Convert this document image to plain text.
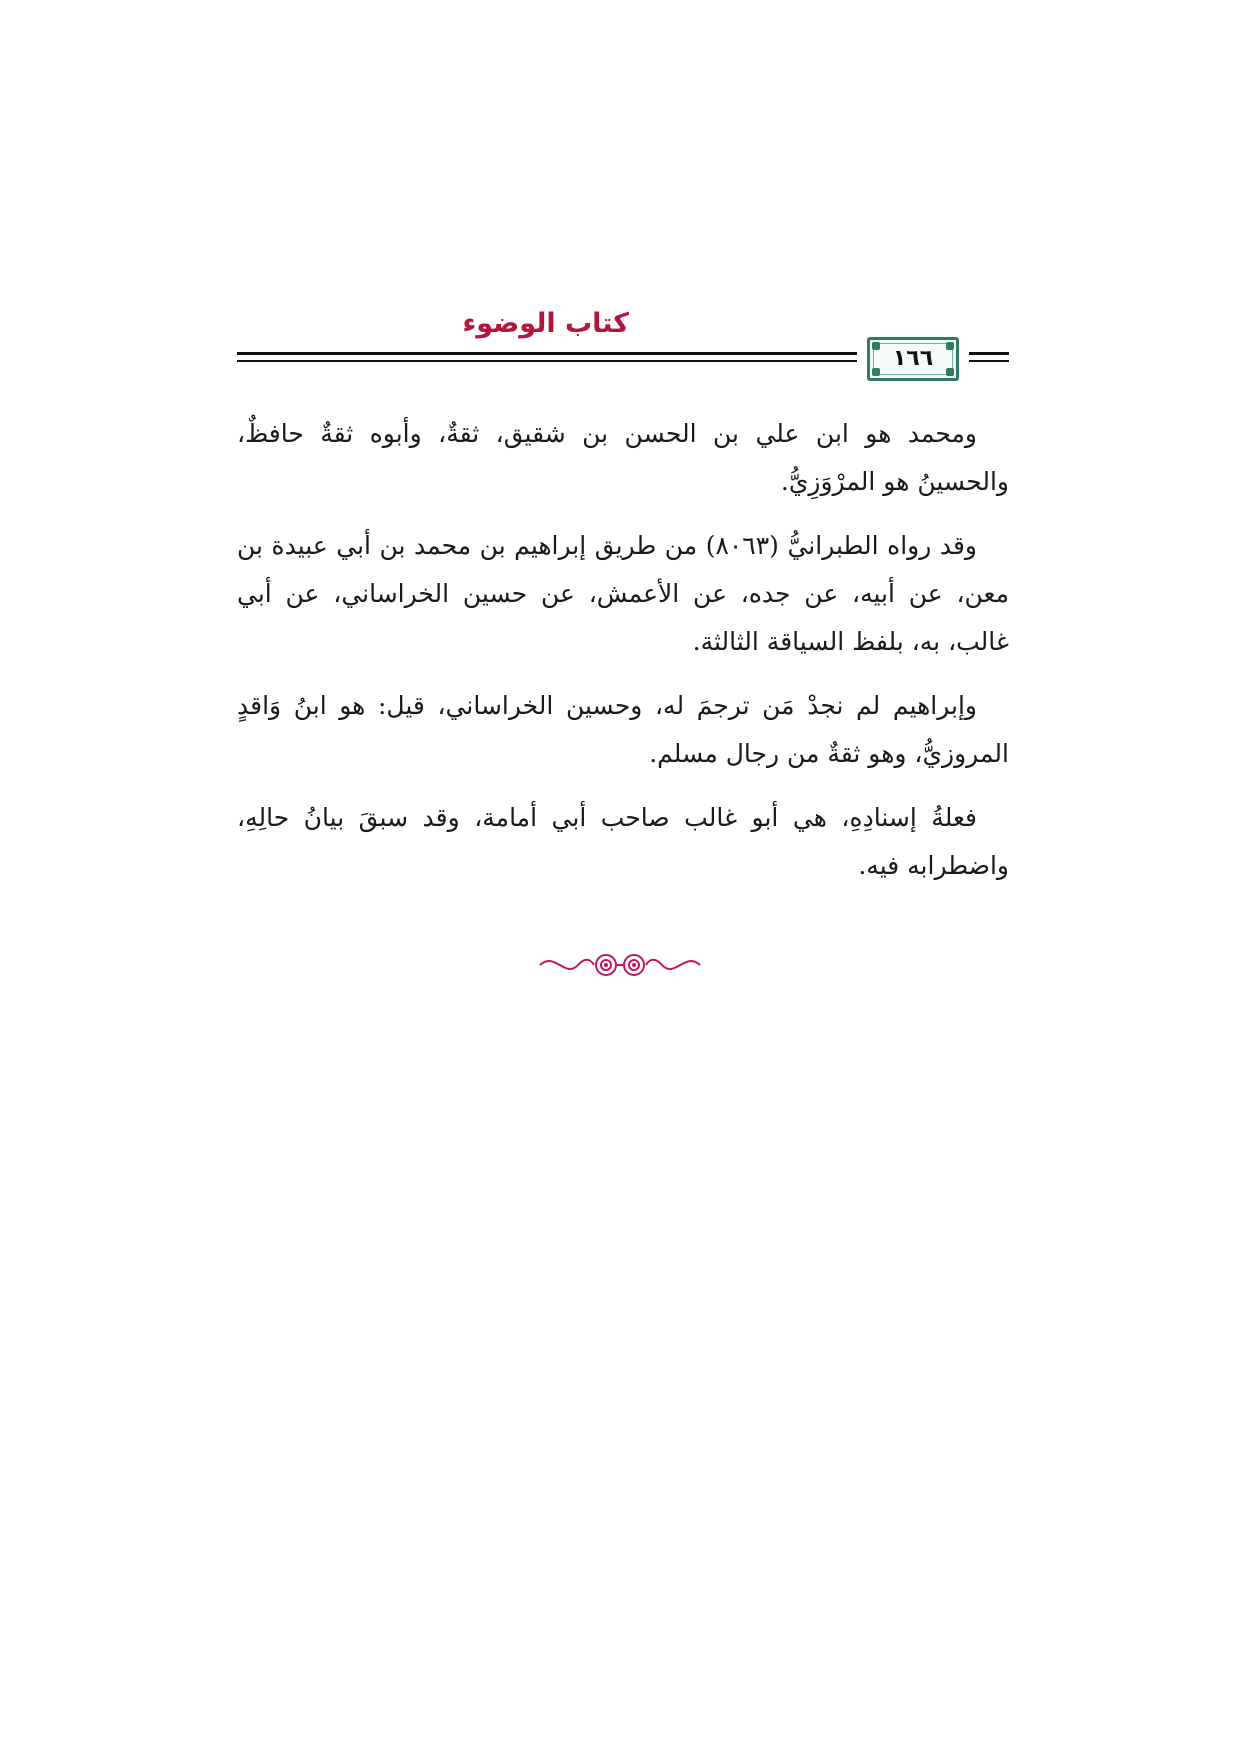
كتاب الوضوء
١٦٦

ومحمد هو ابن علي بن الحسن بن شقيق، ثقةٌ، وأبوه ثقةٌ حافظٌ، والحسينُ هو المرْوَزِيُّ.

وقد رواه الطبرانيُّ (٨٠٦٣) من طريق إبراهيم بن محمد بن أبي عبيدة بن معن، عن أبيه، عن جده، عن الأعمش، عن حسين الخراساني، عن أبي غالب، به، بلفظ السياقة الثالثة.

وإبراهيم لم نجدْ مَن ترجمَ له، وحسين الخراساني، قيل: هو ابنُ وَاقدٍ المروزيُّ، وهو ثقةٌ من رجال مسلم.

فعلةُ إسنادِهِ، هي أبو غالب صاحب أبي أمامة، وقد سبقَ بيانُ حالِهِ، واضطرابه فيه.
